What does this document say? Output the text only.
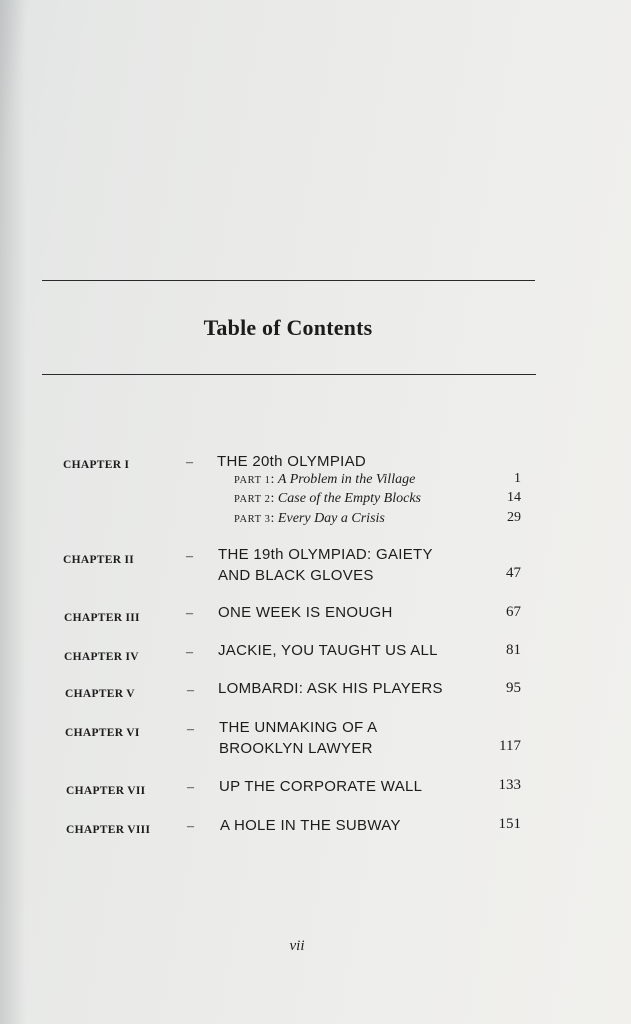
Table of Contents
CHAPTER I	– THE 20th OLYMPIAD
PART 1: A Problem in the Village	1
PART 2: Case of the Empty Blocks	14
PART 3: Every Day a Crisis	29
CHAPTER II	– THE 19th OLYMPIAD: GAIETY
AND BLACK GLOVES	47
CHAPTER III	– ONE WEEK IS ENOUGH	67
CHAPTER IV	– JACKIE, YOU TAUGHT US ALL	81
CHAPTER V	– LOMBARDI: ASK HIS PLAYERS	95
CHAPTER VI	– THE UNMAKING OF A
BROOKLYN LAWYER	117
CHAPTER VII	– UP THE CORPORATE WALL	133
CHAPTER VIII	– A HOLE IN THE SUBWAY	151
vii
